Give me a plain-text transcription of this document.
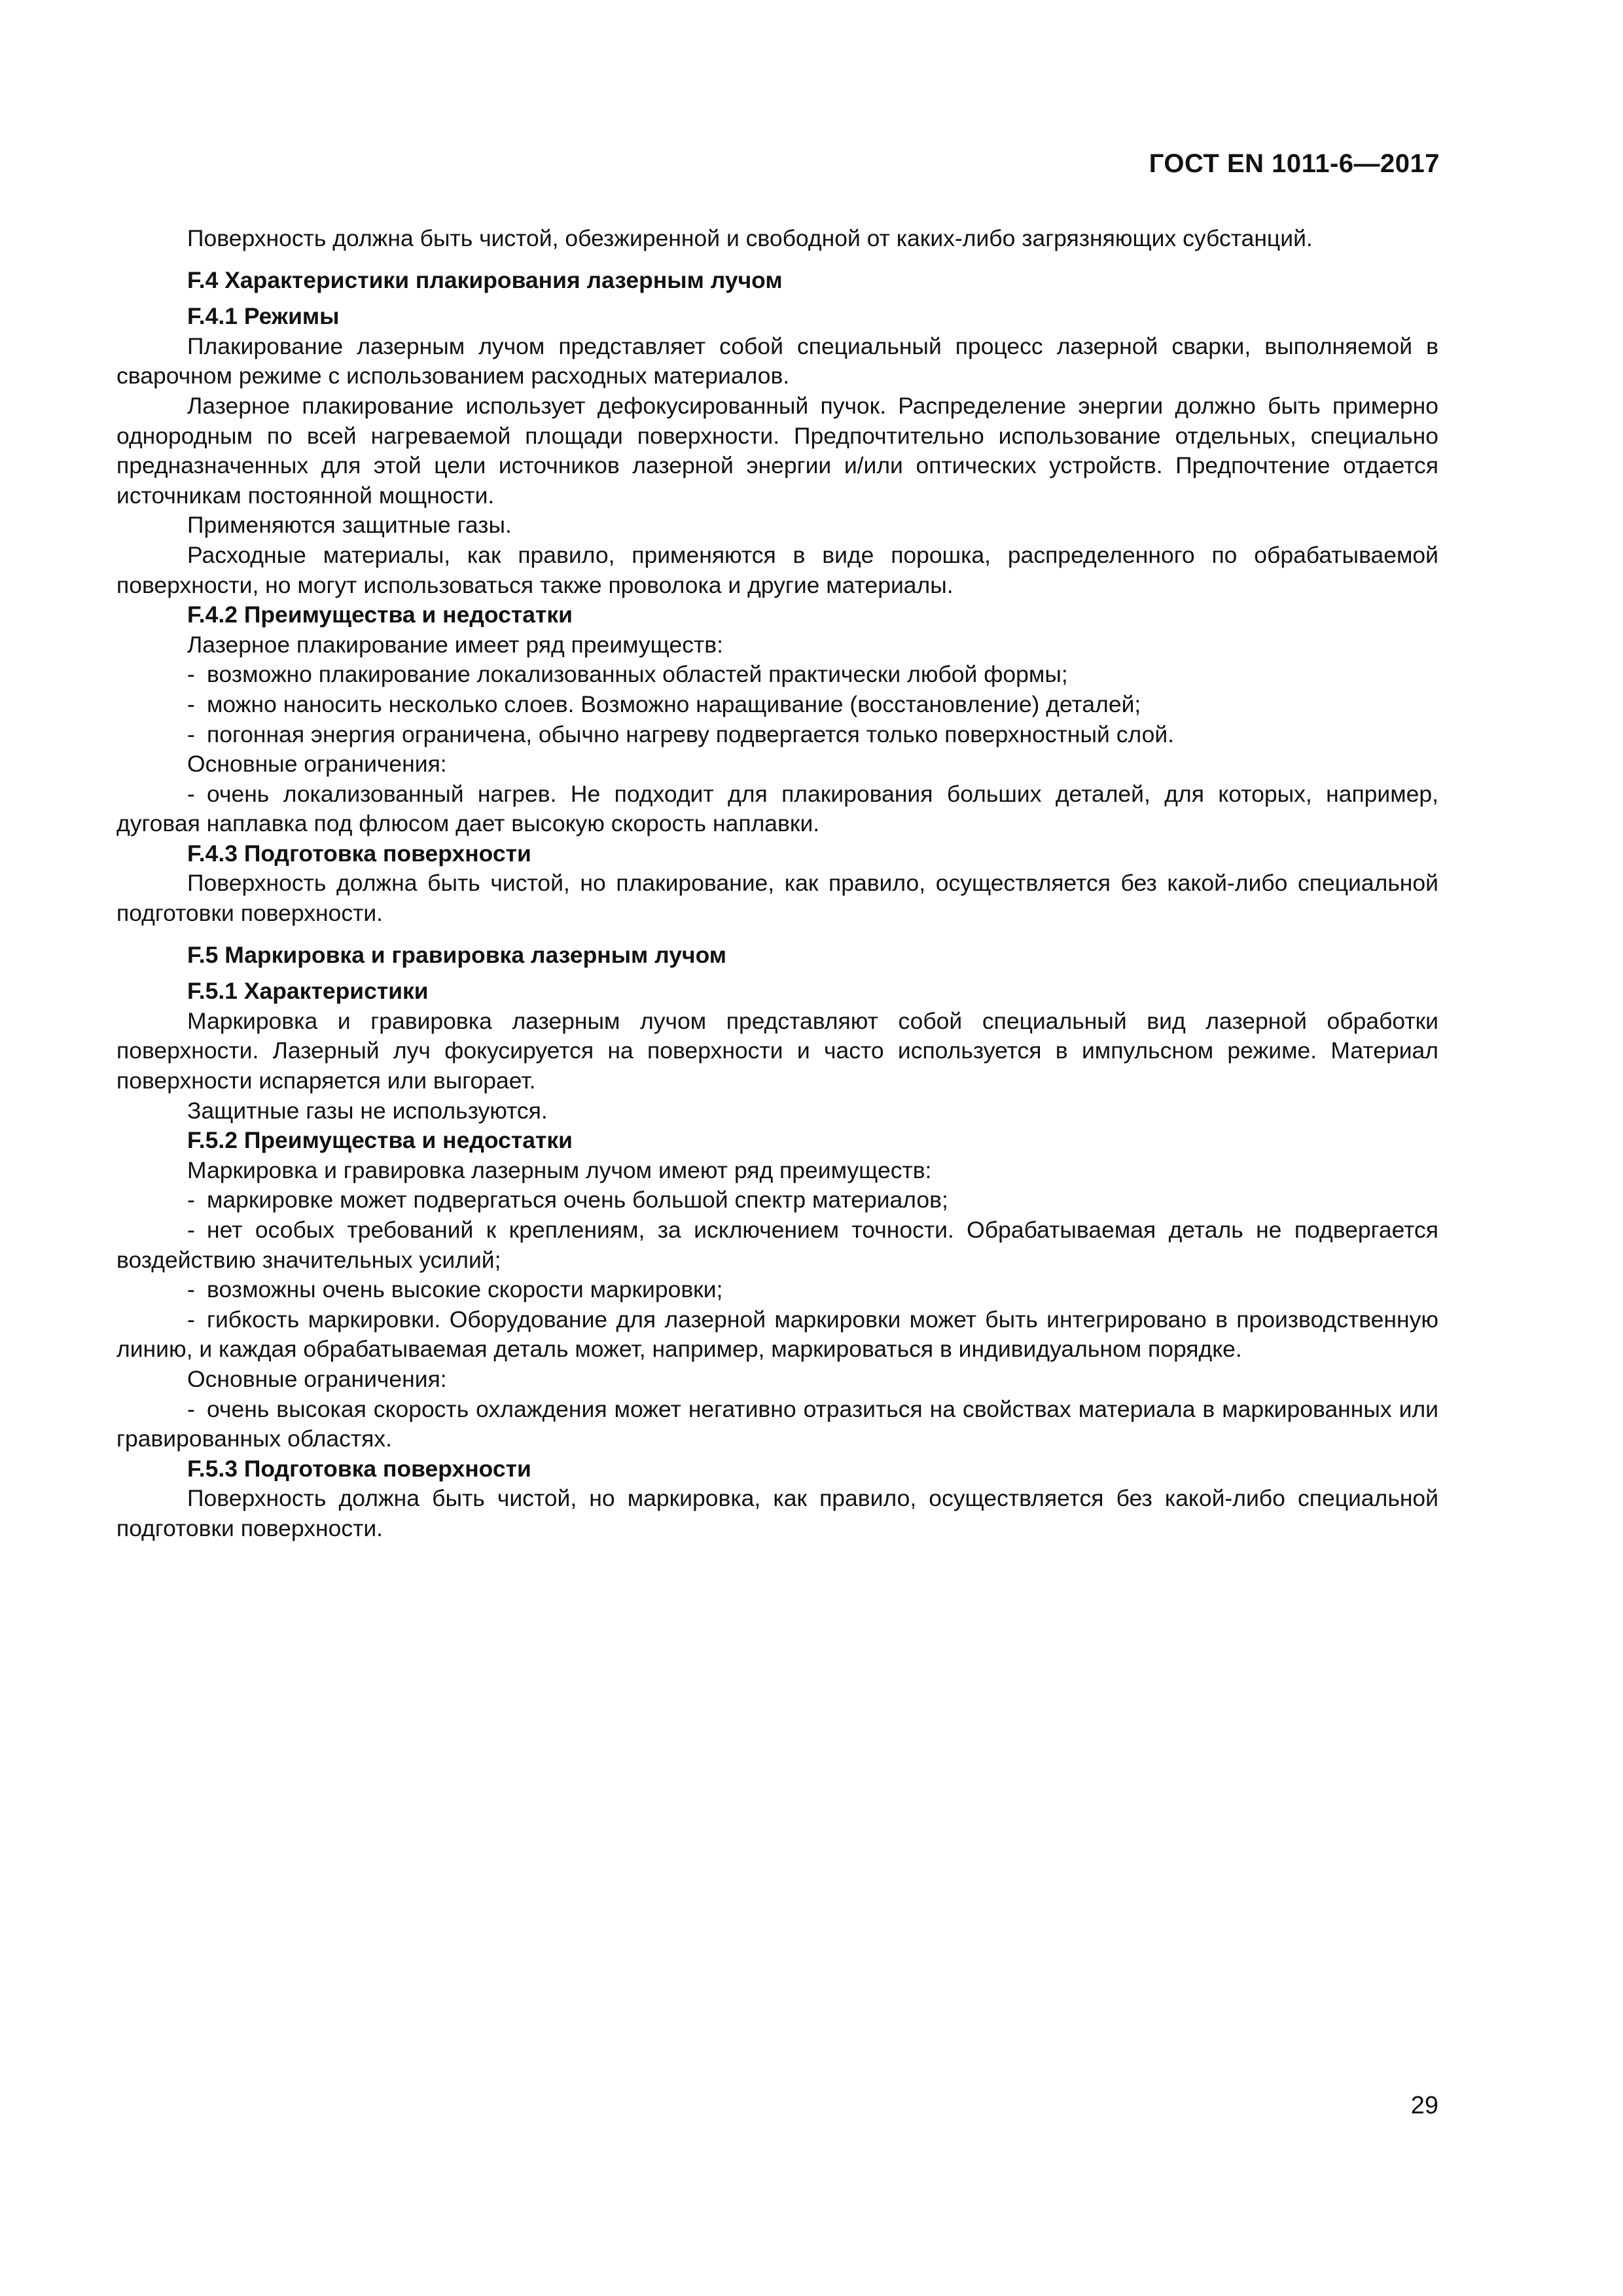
ГОСТ EN 1011-6—2017

Поверхность должна быть чистой, обезжиренной и свободной от каких-либо загрязняющих субстанций.

F.4 Характеристики плакирования лазерным лучом

F.4.1 Режимы

Плакирование лазерным лучом представляет собой специальный процесс лазерной сварки, выполняемой в сварочном режиме с использованием расходных материалов.

Лазерное плакирование использует дефокусированный пучок. Распределение энергии должно быть примерно однородным по всей нагреваемой площади поверхности. Предпочтительно использование отдельных, специально предназначенных для этой цели источников лазерной энергии и/или оптических устройств. Предпочтение отдается источникам постоянной мощности.

Применяются защитные газы.

Расходные материалы, как правило, применяются в виде порошка, распределенного по обрабатываемой поверхности, но могут использоваться также проволока и другие материалы.

F.4.2 Преимущества и недостатки

Лазерное плакирование имеет ряд преимуществ:

- возможно плакирование локализованных областей практически любой формы;

- можно наносить несколько слоев. Возможно наращивание (восстановление) деталей;

- погонная энергия ограничена, обычно нагреву подвергается только поверхностный слой.

Основные ограничения:

- очень локализованный нагрев. Не подходит для плакирования больших деталей, для которых, например, дуговая наплавка под флюсом дает высокую скорость наплавки.

F.4.3 Подготовка поверхности

Поверхность должна быть чистой, но плакирование, как правило, осуществляется без какой-либо специальной подготовки поверхности.

F.5 Маркировка и гравировка лазерным лучом

F.5.1 Характеристики

Маркировка и гравировка лазерным лучом представляют собой специальный вид лазерной обработки поверхности. Лазерный луч фокусируется на поверхности и часто используется в импульсном режиме. Материал поверхности испаряется или выгорает.

Защитные газы не используются.

F.5.2 Преимущества и недостатки

Маркировка и гравировка лазерным лучом имеют ряд преимуществ:

- маркировке может подвергаться очень большой спектр материалов;

- нет особых требований к креплениям, за исключением точности. Обрабатываемая деталь не подвергается воздействию значительных усилий;

- возможны очень высокие скорости маркировки;

- гибкость маркировки. Оборудование для лазерной маркировки может быть интегрировано в производственную линию, и каждая обрабатываемая деталь может, например, маркироваться в индивидуальном порядке.

Основные ограничения:

- очень высокая скорость охлаждения может негативно отразиться на свойствах материала в маркированных или гравированных областях.

F.5.3 Подготовка поверхности

Поверхность должна быть чистой, но маркировка, как правило, осуществляется без какой-либо специальной подготовки поверхности.

29
